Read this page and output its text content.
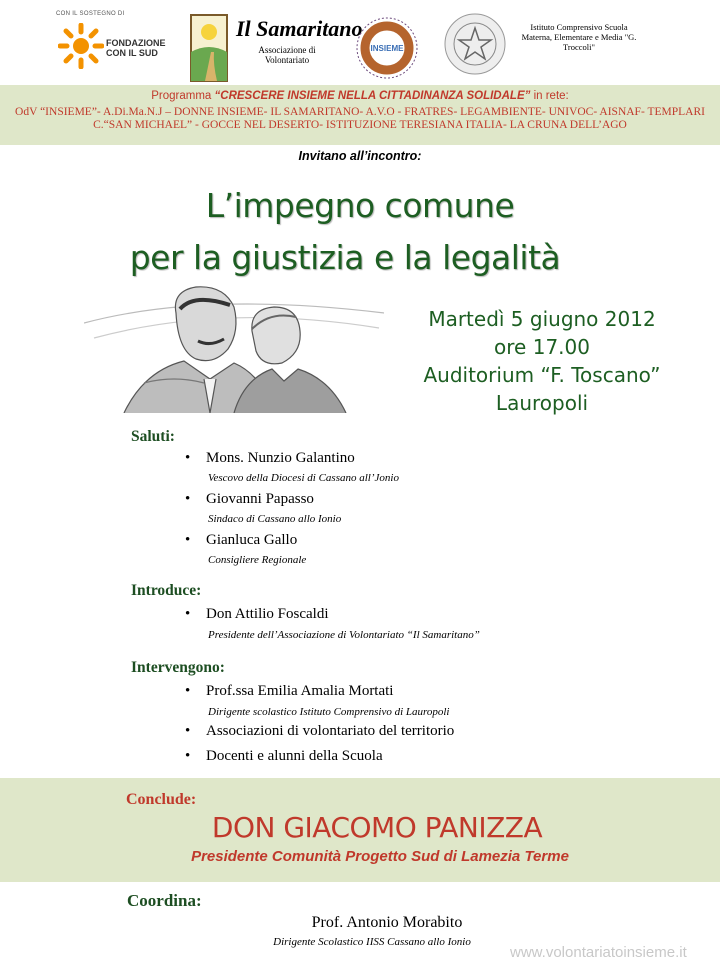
CON IL SOSTEGNO DI
FONDAZIONE
CON IL SUD
Il Samaritano
Associazione di Volontariato
INSIEME
Istituto Comprensivo Scuola Materna, Elementare e Media "G. Troccoli"
Programma “CRESCERE INSIEME NELLA CITTADINANZA SOLIDALE” in rete:
OdV “INSIEME”- A.Di.Ma.N.J – DONNE INSIEME- IL SAMARITANO- A.V.O - FRATRES- LEGAMBIENTE- UNIVOC- AISNAF- TEMPLARI C.“SAN MICHAEL” - GOCCE NEL DESERTO- ISTITUZIONE TERESIANA ITALIA- LA CRUNA DELL’AGO
Invitano all’incontro:
L’impegno comune
per la giustizia e la legalità
Martedì 5 giugno 2012
ore 17.00
Auditorium “F. Toscano”
Lauropoli
Saluti:
• Mons. Nunzio Galantino
Vescovo della Diocesi di Cassano all’Jonio
• Giovanni Papasso
Sindaco di Cassano allo Ionio
• Gianluca Gallo
Consigliere Regionale
Introduce:
• Don Attilio Foscaldi
Presidente dell’Associazione di Volontariato “Il Samaritano”
Intervengono:
• Prof.ssa Emilia Amalia Mortati
Dirigente scolastico Istituto Comprensivo di Lauropoli
• Associazioni di volontariato del territorio
• Docenti e alunni della Scuola
Conclude:
DON GIACOMO PANIZZA
Presidente Comunità Progetto Sud di Lamezia Terme
Coordina:
Prof. Antonio Morabito
Dirigente Scolastico IISS Cassano allo Ionio
www.volontariatoinsieme.it
